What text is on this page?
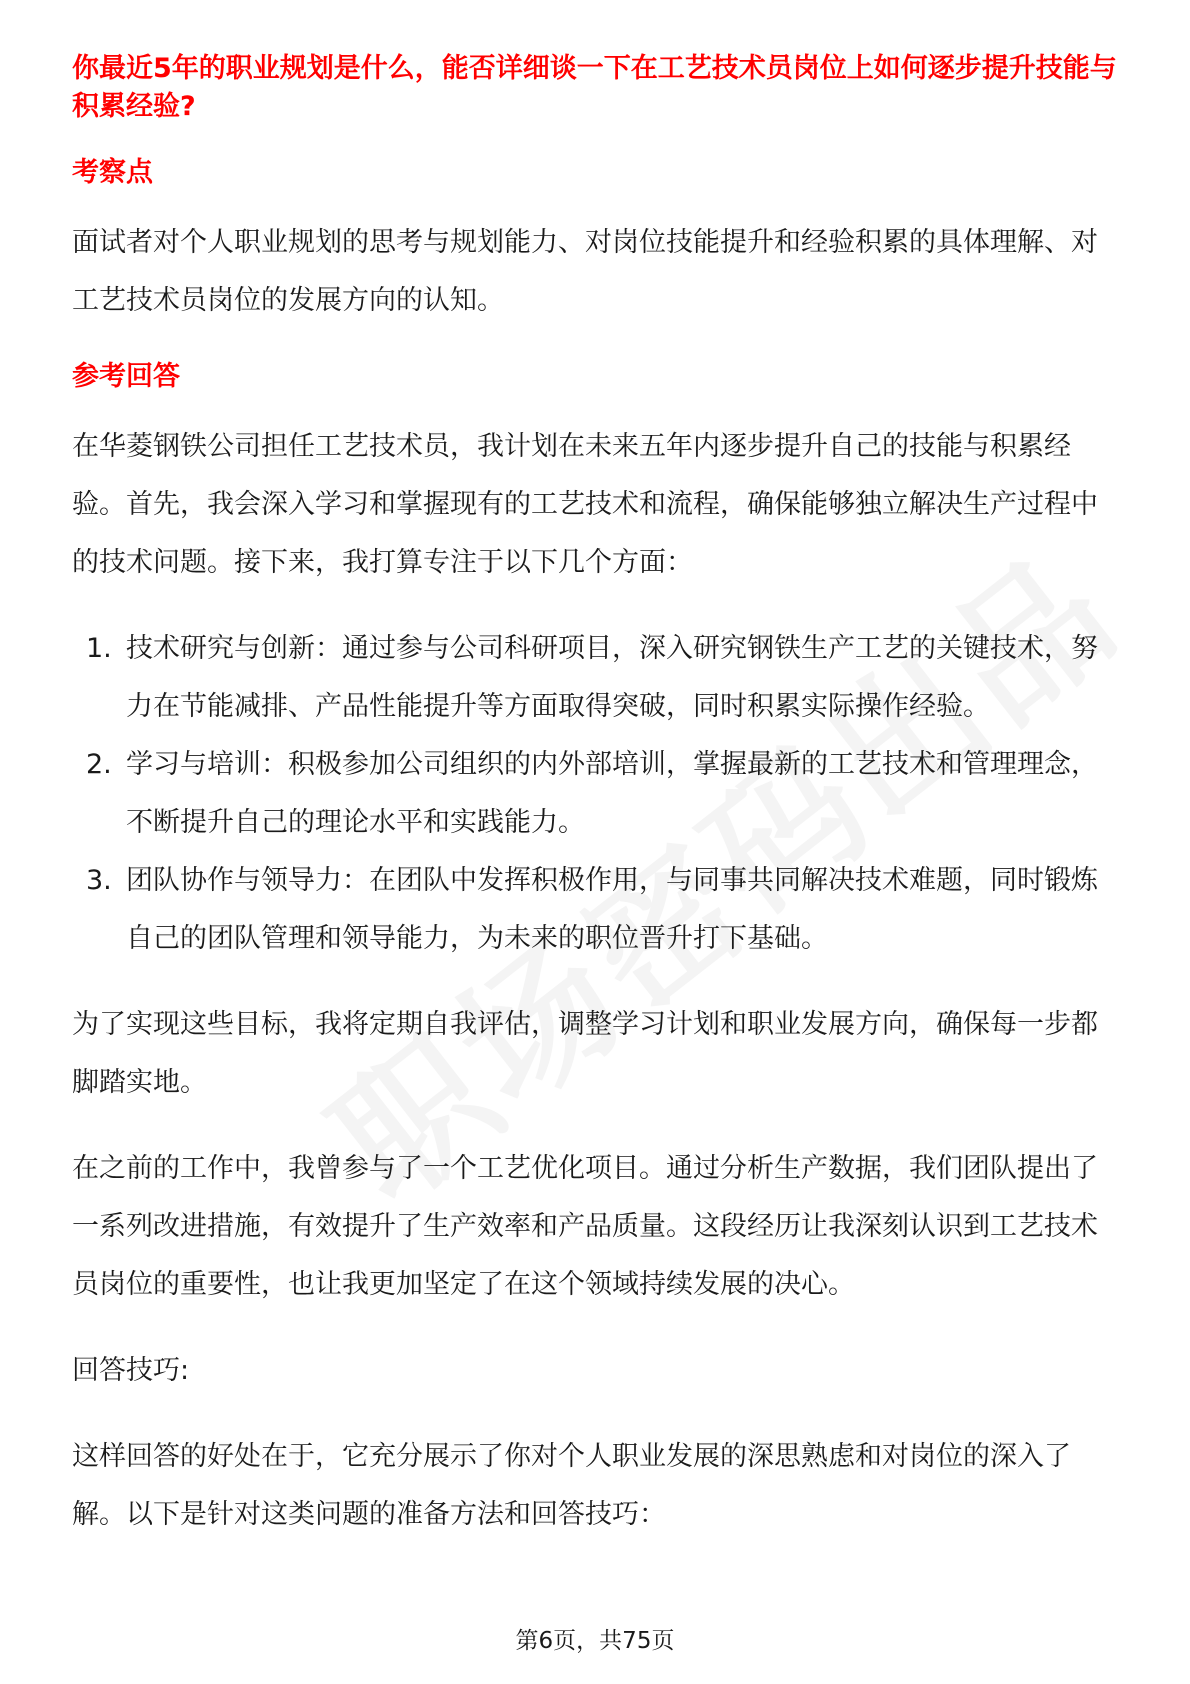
你最近5年的职业规划是什么，能否详细谈一下在工艺技术员岗位上如何逐步提升技能与积累经验?

考察点

面试者对个人职业规划的思考与规划能力、对岗位技能提升和经验积累的具体理解、对工艺技术员岗位的发展方向的认知。

参考回答

在华菱钢铁公司担任工艺技术员，我计划在未来五年内逐步提升自己的技能与积累经验。首先，我会深入学习和掌握现有的工艺技术和流程，确保能够独立解决生产过程中的技术问题。接下来，我打算专注于以下几个方面：

1. 技术研究与创新：通过参与公司科研项目，深入研究钢铁生产工艺的关键技术，努力在节能减排、产品性能提升等方面取得突破，同时积累实际操作经验。
2. 学习与培训：积极参加公司组织的内外部培训，掌握最新的工艺技术和管理理念，不断提升自己的理论水平和实践能力。
3. 团队协作与领导力：在团队中发挥积极作用，与同事共同解决技术难题，同时锻炼自己的团队管理和领导能力，为未来的职位晋升打下基础。

为了实现这些目标，我将定期自我评估，调整学习计划和职业发展方向，确保每一步都脚踏实地。

在之前的工作中，我曾参与了一个工艺优化项目。通过分析生产数据，我们团队提出了一系列改进措施，有效提升了生产效率和产品质量。这段经历让我深刻认识到工艺技术员岗位的重要性，也让我更加坚定了在这个领域持续发展的决心。

回答技巧:

这样回答的好处在于，它充分展示了你对个人职业发展的深思熟虑和对岗位的深入了解。以下是针对这类问题的准备方法和回答技巧：

第6页，共75页
